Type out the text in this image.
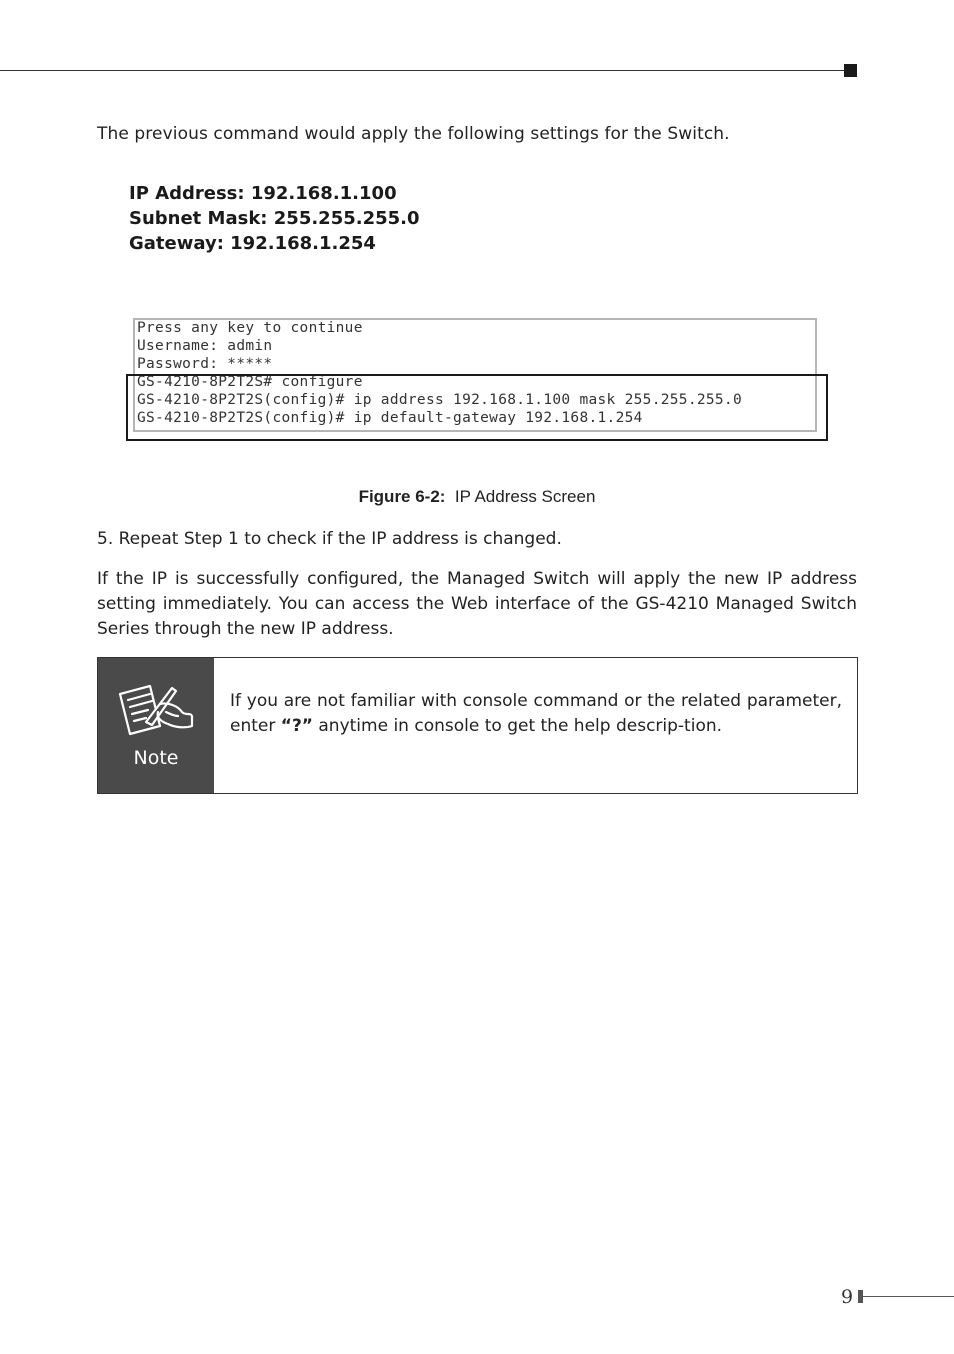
The previous command would apply the following settings for the Switch.
IP Address: 192.168.1.100
Subnet Mask: 255.255.255.0
Gateway: 192.168.1.254
Press any key to continue
Username: admin
Password: *****
GS-4210-8P2T2S# configure
GS-4210-8P2T2S(config)# ip address 192.168.1.100 mask 255.255.255.0
GS-4210-8P2T2S(config)# ip default-gateway 192.168.1.254
Figure 6-2: IP Address Screen
5. Repeat Step 1 to check if the IP address is changed.
If the IP is successfully configured, the Managed Switch will apply the new IP address setting immediately. You can access the Web interface of the GS-4210 Managed Switch Series through the new IP address.
Note
If you are not familiar with console command or the related parameter, enter “?” anytime in console to get the help descrip-tion.
9
